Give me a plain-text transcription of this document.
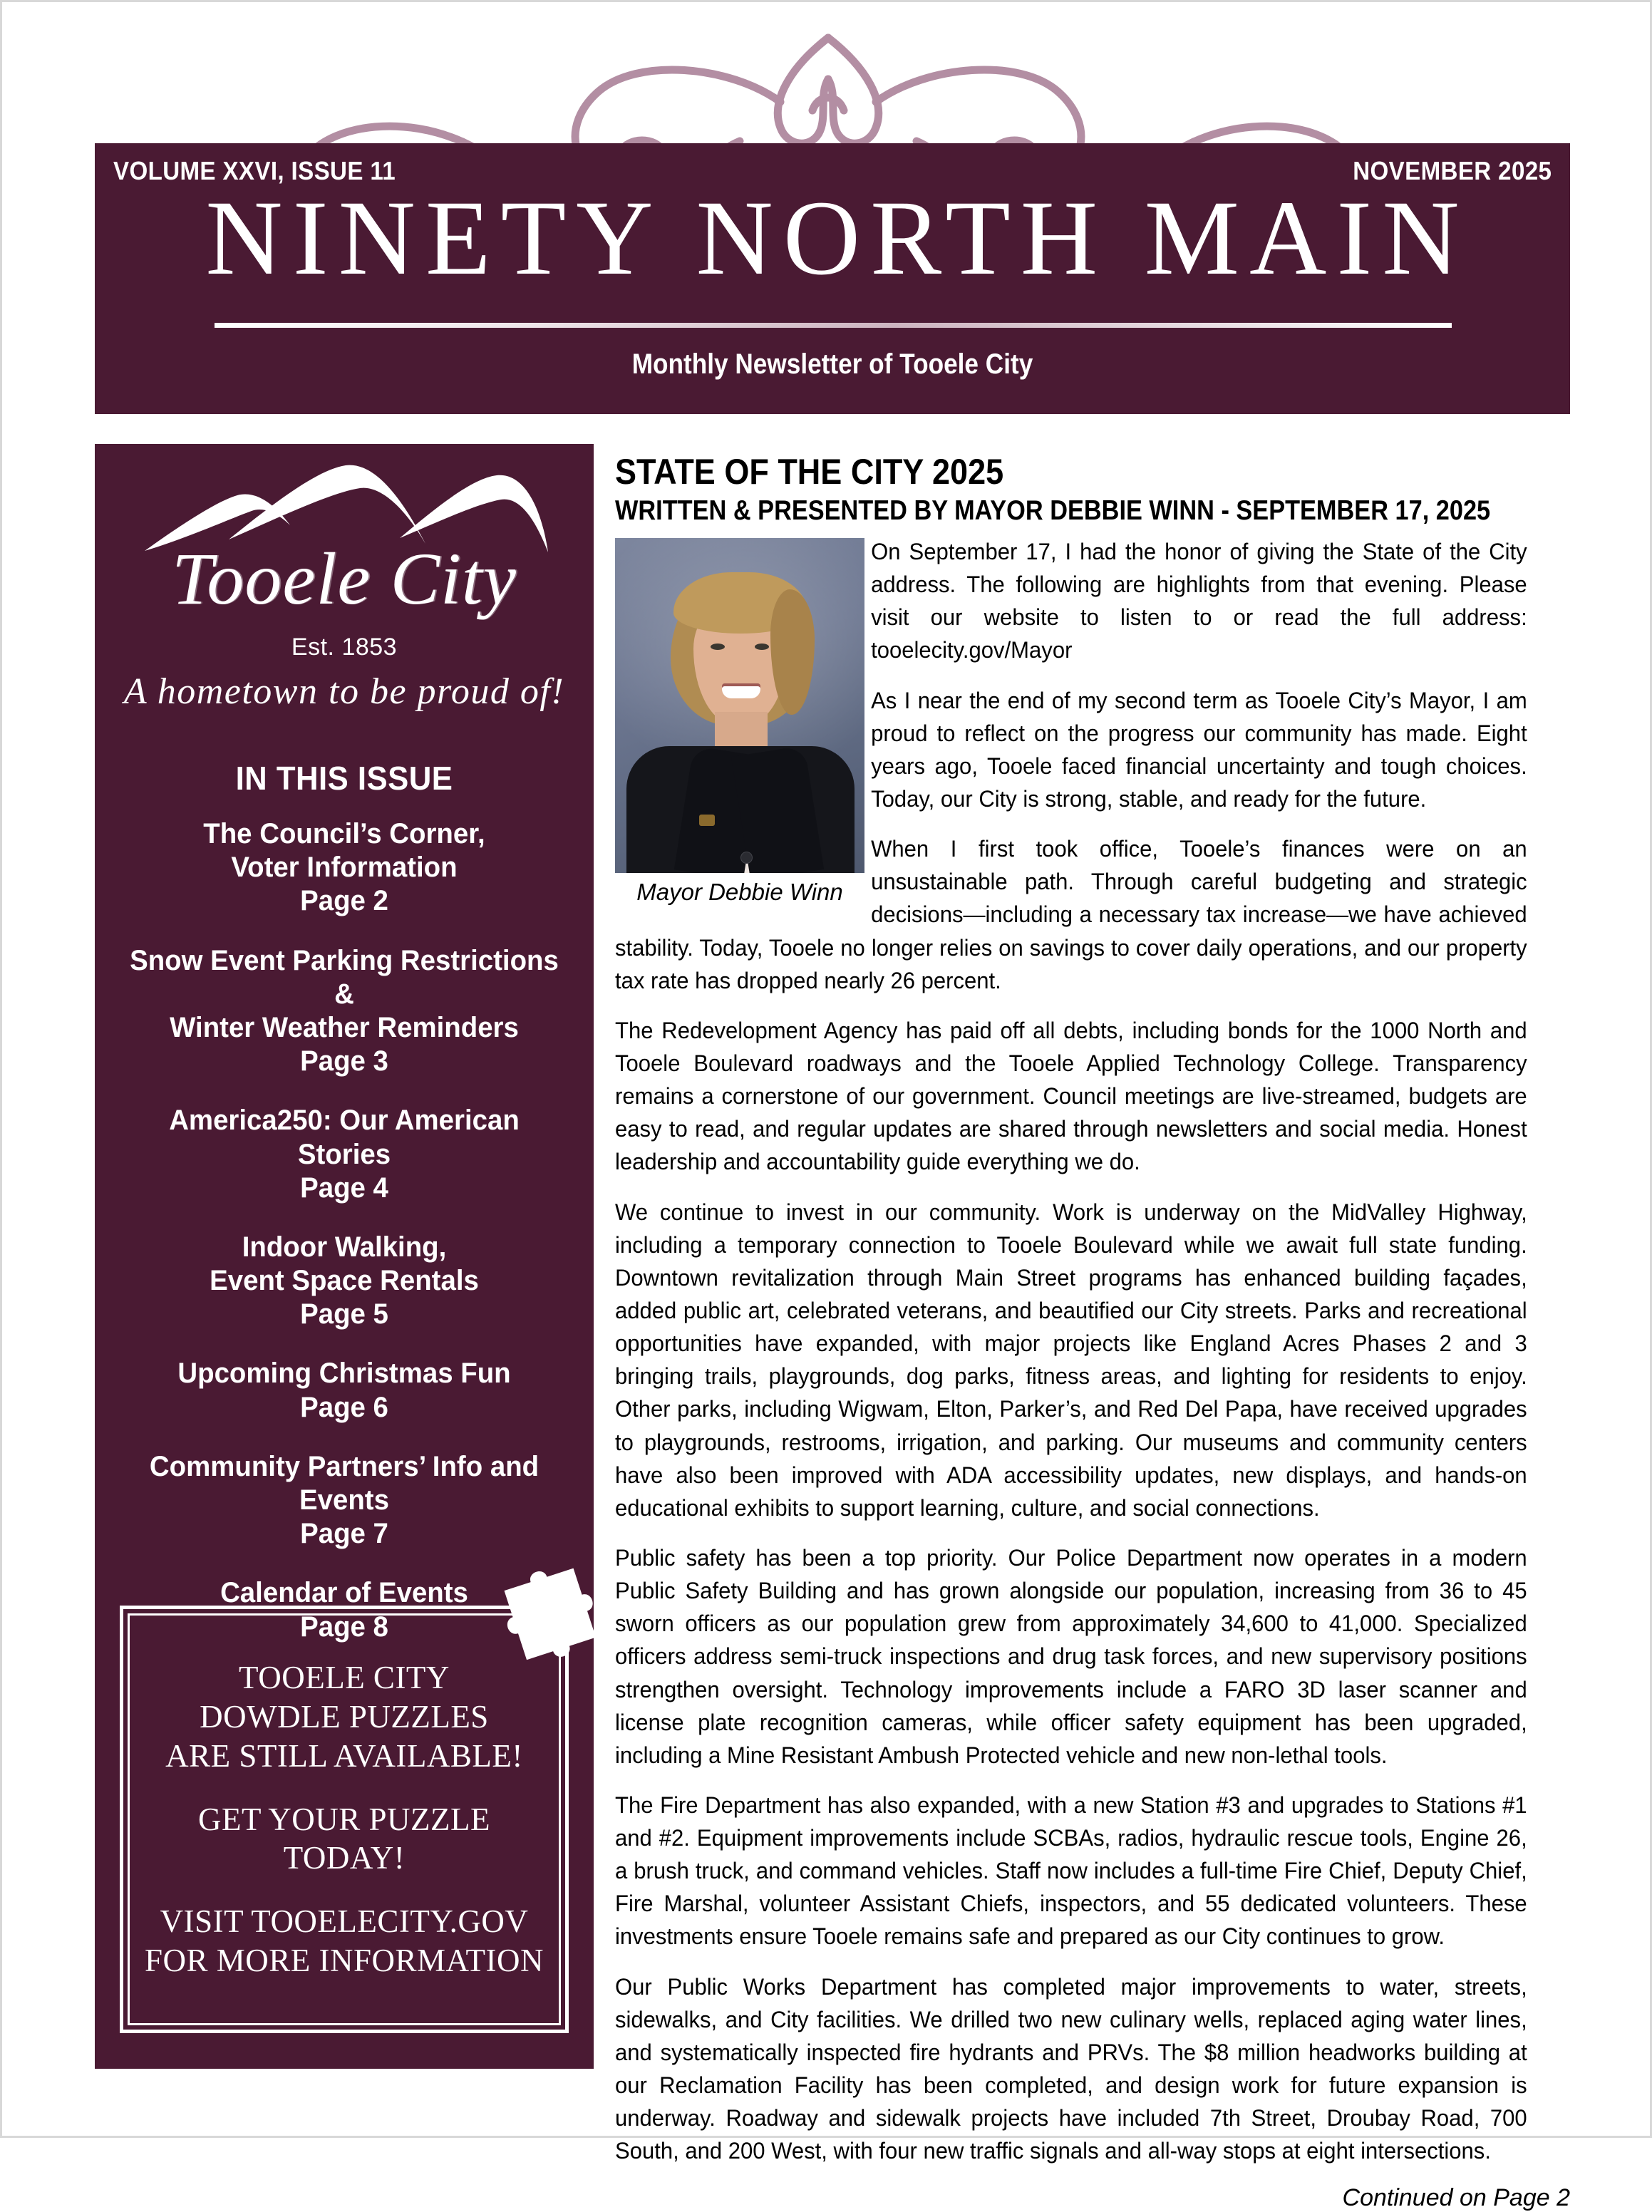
VOLUME XXVI, ISSUE 11	NOVEMBER 2025
NINETY NORTH MAIN
Monthly Newsletter of Tooele City
Tooele City
Est. 1853
A hometown to be proud of!
IN THIS ISSUE
The Council’s Corner,
Voter Information
Page 2
Snow Event Parking Restrictions &
Winter Weather Reminders
Page 3
America250: Our American Stories
Page 4
Indoor Walking,
Event Space Rentals
Page 5
Upcoming Christmas Fun
Page 6
Community Partners’ Info and
Events
Page 7
Calendar of Events
Page 8
TOOELE CITY
DOWDLE PUZZLES
ARE STILL AVAILABLE!
GET YOUR PUZZLE
TODAY!
VISIT TOOELECITY.GOV
FOR MORE INFORMATION
STATE OF THE CITY 2025
WRITTEN & PRESENTED BY MAYOR DEBBIE WINN - SEPTEMBER 17, 2025
Mayor Debbie Winn

On September 17, I had the honor of giving the State of the City address. The following are highlights from that evening. Please visit our website to listen to or read the full address: tooelecity.gov/Mayor

As I near the end of my second term as Tooele City’s Mayor, I am proud to reflect on the progress our community has made. Eight years ago, Tooele faced financial uncertainty and tough choices. Today, our City is strong, stable, and ready for the future.

When I first took office, Tooele’s finances were on an unsustainable path. Through careful budgeting and strategic decisions—including a necessary tax increase—we have achieved stability. Today, Tooele no longer relies on savings to cover daily operations, and our property tax rate has dropped nearly 26 percent.

The Redevelopment Agency has paid off all debts, including bonds for the 1000 North and Tooele Boulevard roadways and the Tooele Applied Technology College. Transparency remains a cornerstone of our government. Council meetings are live-streamed, budgets are easy to read, and regular updates are shared through newsletters and social media. Honest leadership and accountability guide everything we do.

We continue to invest in our community. Work is underway on the MidValley Highway, including a temporary connection to Tooele Boulevard while we await full state funding. Downtown revitalization through Main Street programs has enhanced building façades, added public art, celebrated veterans, and beautified our City streets. Parks and recreational opportunities have expanded, with major projects like England Acres Phases 2 and 3 bringing trails, playgrounds, dog parks, fitness areas, and lighting for residents to enjoy. Other parks, including Wigwam, Elton, Parker’s, and Red Del Papa, have received upgrades to playgrounds, restrooms, irrigation, and parking. Our museums and community centers have also been improved with ADA accessibility updates, new displays, and hands-on educational exhibits to support learning, culture, and social connections.

Public safety has been a top priority. Our Police Department now operates in a modern Public Safety Building and has grown alongside our population, increasing from 36 to 45 sworn officers as our population grew from approximately 34,600 to 41,000. Specialized officers address semi-truck inspections and drug task forces, and new supervisory positions strengthen oversight. Technology improvements include a FARO 3D laser scanner and license plate recognition cameras, while officer safety equipment has been upgraded, including a Mine Resistant Ambush Protected vehicle and new non-lethal tools.

The Fire Department has also expanded, with a new Station #3 and upgrades to Stations #1 and #2. Equipment improvements include SCBAs, radios, hydraulic rescue tools, Engine 26, a brush truck, and command vehicles. Staff now includes a full-time Fire Chief, Deputy Chief, Fire Marshal, volunteer Assistant Chiefs, inspectors, and 55 dedicated volunteers. These investments ensure Tooele remains safe and prepared as our City continues to grow.

Our Public Works Department has completed major improvements to water, streets, sidewalks, and City facilities. We drilled two new culinary wells, replaced aging water lines, and systematically inspected fire hydrants and PRVs. The $8 million headworks building at our Reclamation Facility has been completed, and design work for future expansion is underway. Roadway and sidewalk projects have included 7th Street, Droubay Road, 700 South, and 200 West, with four new traffic signals and all-way stops at eight intersections.

Continued on Page 2
